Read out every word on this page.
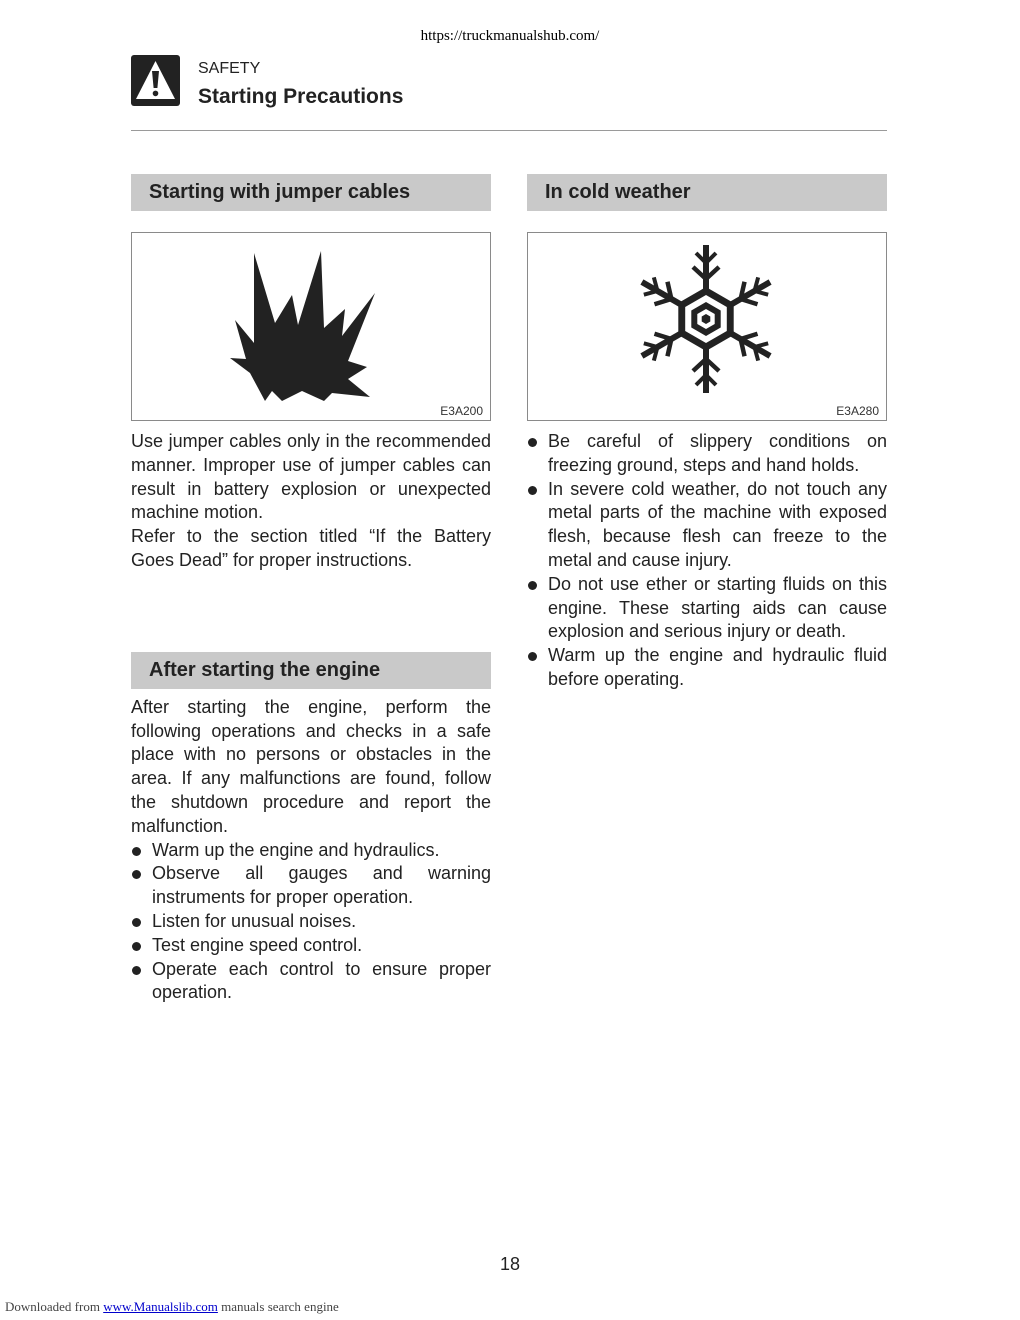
https://truckmanualshub.com/
SAFETY
Starting Precautions
Starting with jumper cables
E3A200

Use jumper cables only in the recommended manner. Improper use of jumper cables can result in battery explosion or unexpected machine motion.

Refer to the section titled “If the Battery Goes Dead” for proper instructions.

After starting the engine

After starting the engine, perform the following operations and checks in a safe place with no persons or obstacles in the area. If any malfunctions are found, follow the shutdown procedure and report the malfunction.

Warm up the engine and hydraulics.
Observe all gauges and warning instruments for proper operation.
Listen for unusual noises.
Test engine speed control.
Operate each control to ensure proper operation.
In cold weather
E3A280
Be careful of slippery conditions on freezing ground, steps and hand holds.
In severe cold weather, do not touch any metal parts of the machine with exposed flesh, because flesh can freeze to the metal and cause injury.
Do not use ether or starting fluids on this engine. These starting aids can cause explosion and serious injury or death.
Warm up the engine and hydraulic fluid before operating.
18
Downloaded from www.Manualslib.com manuals search engine
